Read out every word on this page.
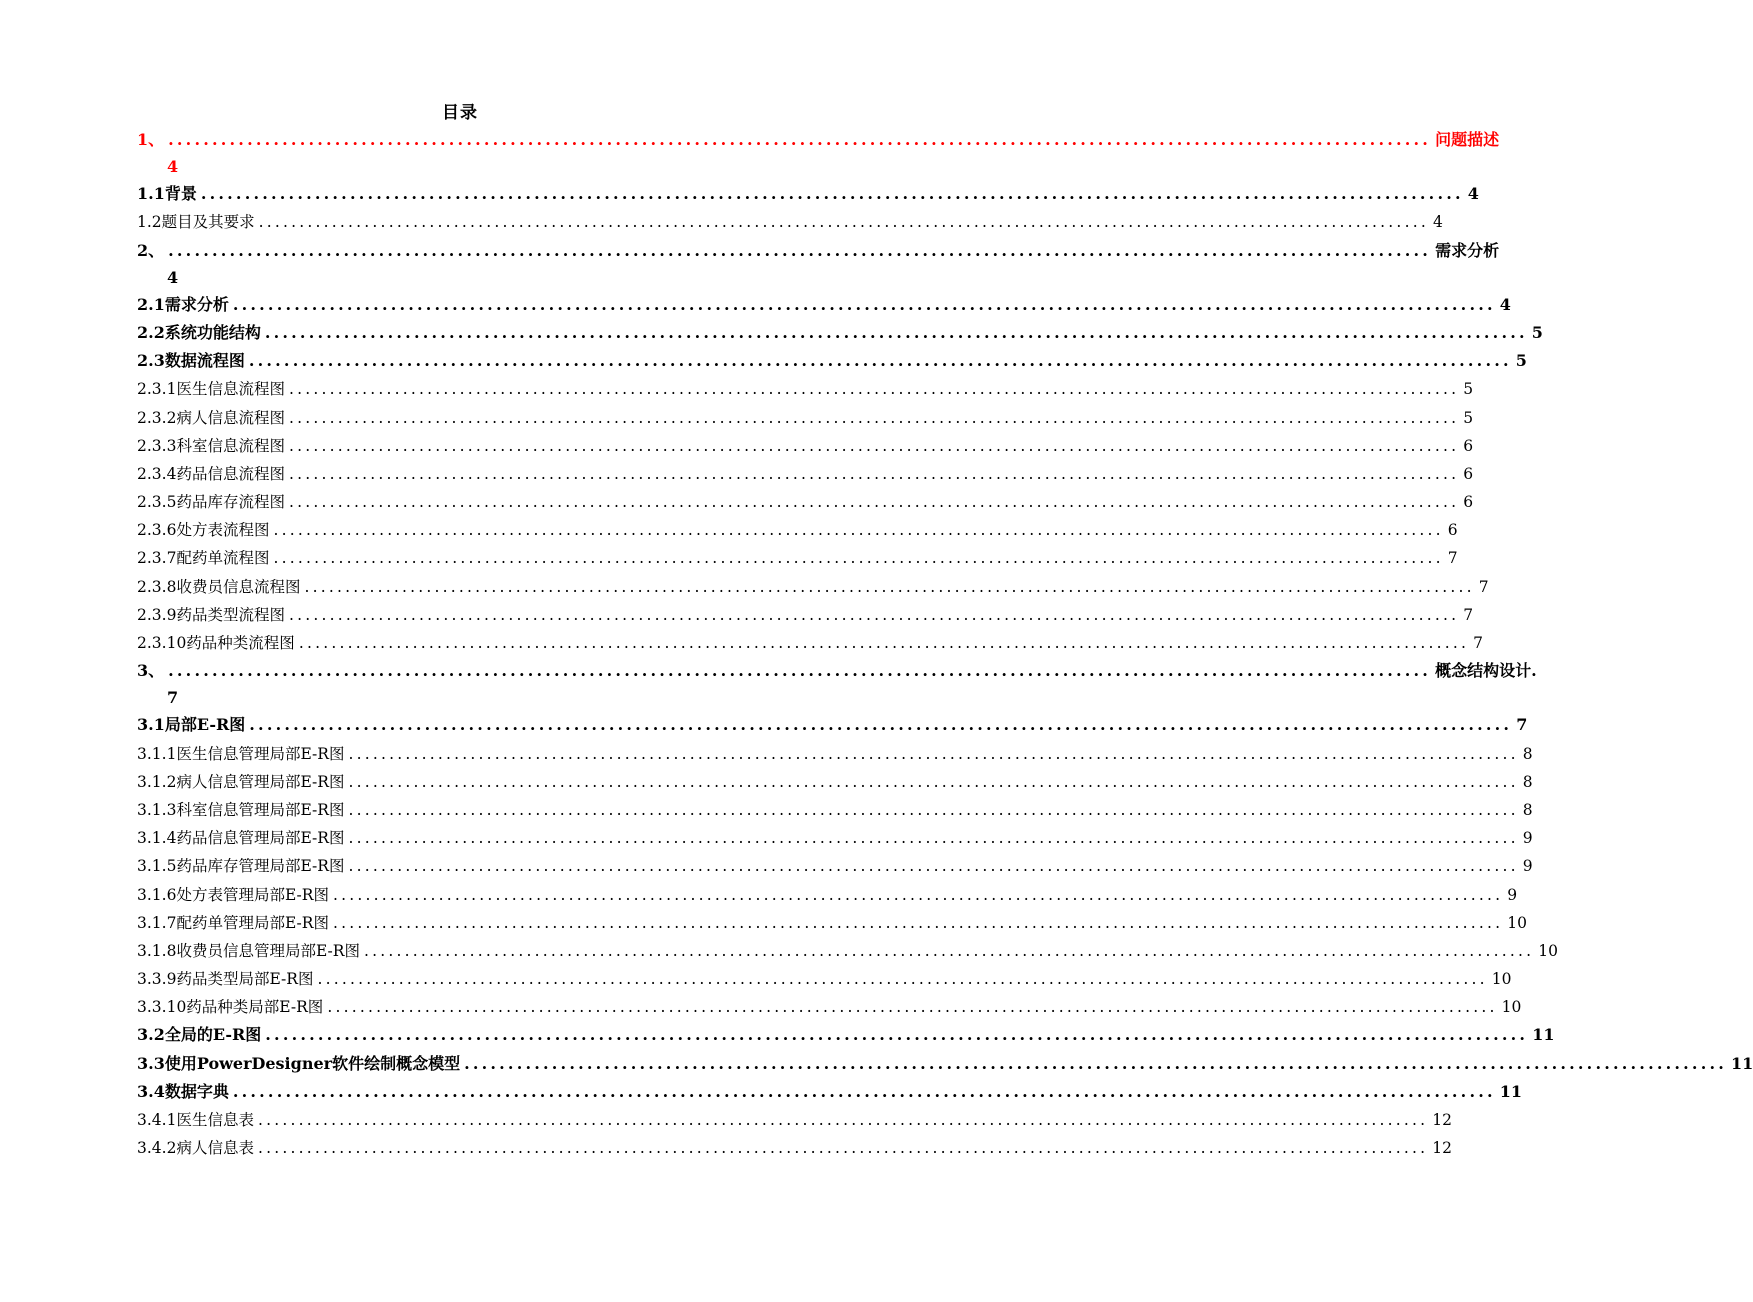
目录
1、 ................................................................................................................................................ 问题描述
4
1.1背景 ................................................................................................................................................ 4
1.2题目及其要求 ................................................................................................................................................ 4
2、 ................................................................................................................................................ 需求分析
4
2.1需求分析 ................................................................................................................................................ 4
2.2系统功能结构 ................................................................................................................................................ 5
2.3数据流程图 ................................................................................................................................................ 5
2.3.1医生信息流程图 ................................................................................................................................................ 5
2.3.2病人信息流程图 ................................................................................................................................................ 5
2.3.3科室信息流程图 ................................................................................................................................................ 6
2.3.4药品信息流程图 ................................................................................................................................................ 6
2.3.5药品库存流程图 ................................................................................................................................................ 6
2.3.6处方表流程图 ................................................................................................................................................ 6
2.3.7配药单流程图 ................................................................................................................................................ 7
2.3.8收费员信息流程图 ................................................................................................................................................ 7
2.3.9药品类型流程图 ................................................................................................................................................ 7
2.3.10药品种类流程图 ................................................................................................................................................ 7
3、 ................................................................................................................................................ 概念结构设计.
7
3.1局部E-R图 ................................................................................................................................................ 7
3.1.1医生信息管理局部E-R图 ................................................................................................................................................ 8
3.1.2病人信息管理局部E-R图 ................................................................................................................................................ 8
3.1.3科室信息管理局部E-R图 ................................................................................................................................................ 8
3.1.4药品信息管理局部E-R图 ................................................................................................................................................ 9
3.1.5药品库存管理局部E-R图 ................................................................................................................................................ 9
3.1.6处方表管理局部E-R图 ................................................................................................................................................ 9
3.1.7配药单管理局部E-R图 ................................................................................................................................................ 10
3.1.8收费员信息管理局部E-R图 ................................................................................................................................................ 10
3.3.9药品类型局部E-R图 ................................................................................................................................................ 10
3.3.10药品种类局部E-R图 ................................................................................................................................................ 10
3.2全局的E-R图 ................................................................................................................................................ 11
3.3使用PowerDesigner软件绘制概念模型 ................................................................................................................................................ 11
3.4数据字典 ................................................................................................................................................ 11
3.4.1医生信息表 ................................................................................................................................................ 12
3.4.2病人信息表 ................................................................................................................................................ 12
